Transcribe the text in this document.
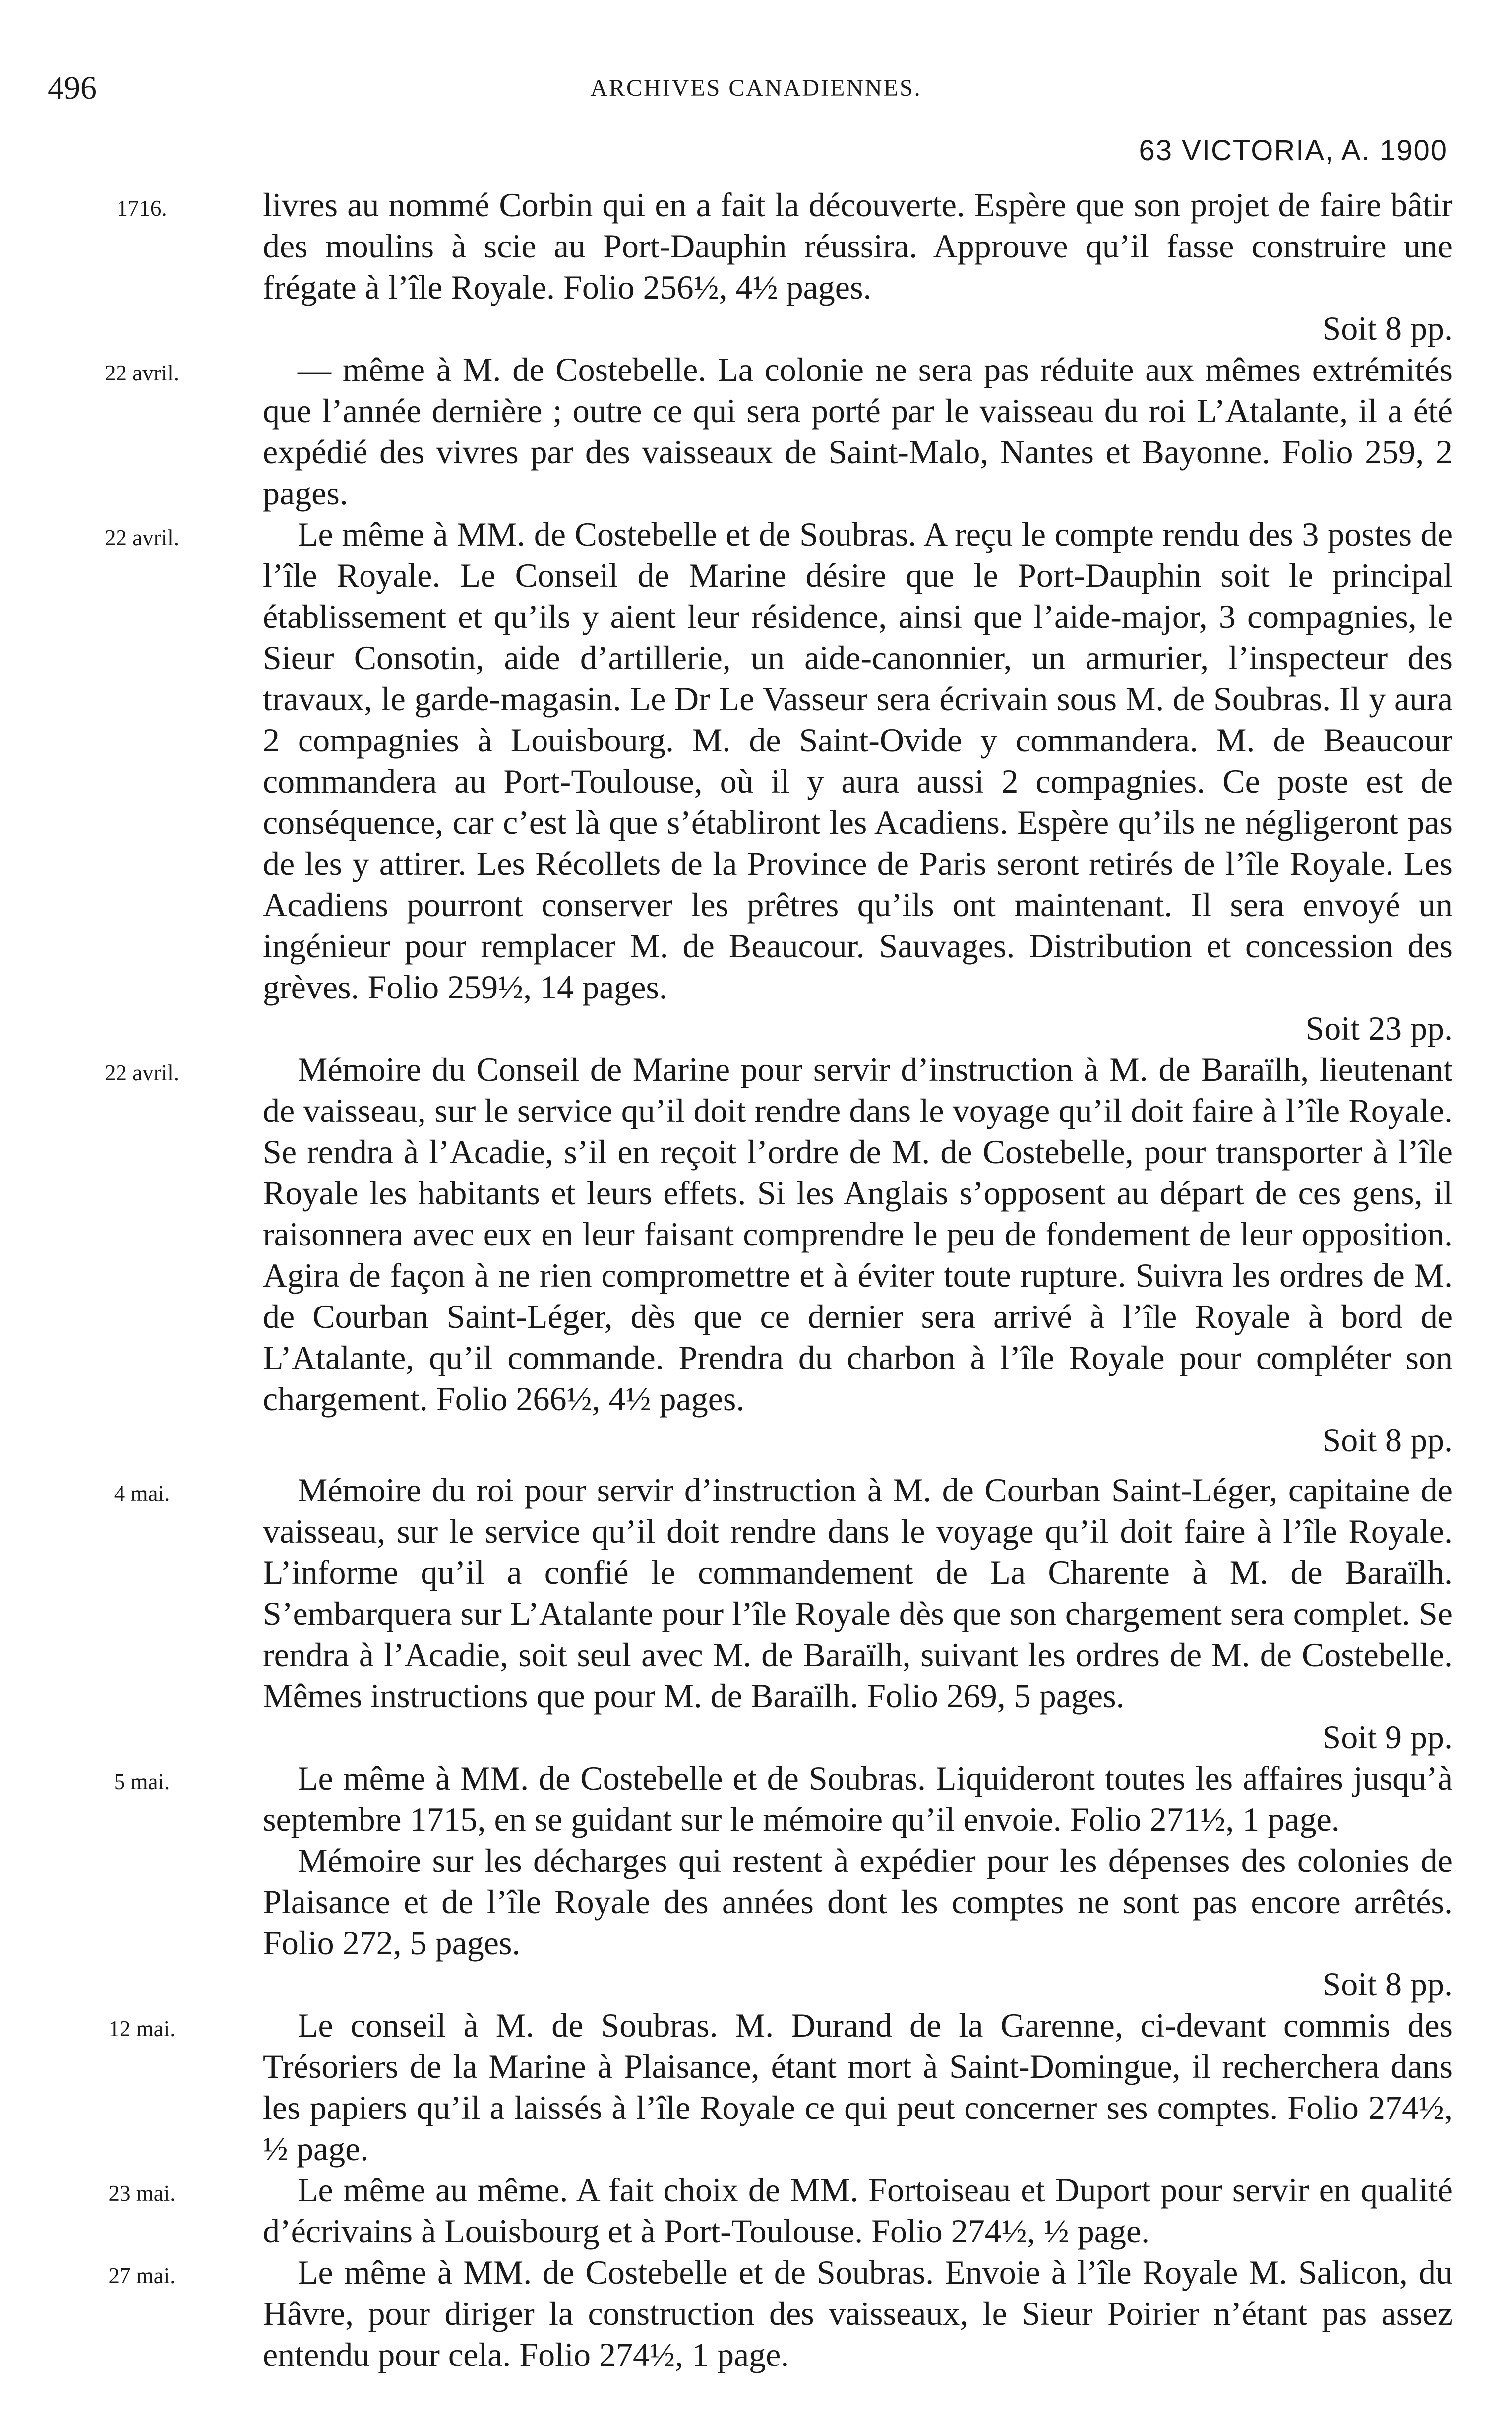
496	ARCHIVES CANADIENNES.
63 VICTORIA, A. 1900
1716.	livres au nommé Corbin qui en a fait la découverte. Espère que son projet de faire bâtir des moulins à scie au Port-Dauphin réussira. Approuve qu’il fasse construire une frégate à l’île Royale. Folio 256½, 4½ pages.
Soit 8 pp.
22 avril.	— même à M. de Costebelle. La colonie ne sera pas réduite aux mêmes extrémités que l’année dernière ; outre ce qui sera porté par le vaisseau du roi L’Atalante, il a été expédié des vivres par des vaisseaux de Saint-Malo, Nantes et Bayonne. Folio 259, 2 pages.
22 avril.	Le même à MM. de Costebelle et de Soubras. A reçu le compte rendu des 3 postes de l’île Royale. Le Conseil de Marine désire que le Port-Dauphin soit le principal établissement et qu’ils y aient leur résidence, ainsi que l’aide-major, 3 compagnies, le Sieur Consotin, aide d’artillerie, un aide-canonnier, un armurier, l’inspecteur des travaux, le garde-magasin. Le Dr Le Vasseur sera écrivain sous M. de Soubras. Il y aura 2 compagnies à Louisbourg. M. de Saint-Ovide y commandera. M. de Beaucour commandera au Port-Toulouse, où il y aura aussi 2 compagnies. Ce poste est de conséquence, car c’est là que s’établiront les Acadiens. Espère qu’ils ne négligeront pas de les y attirer. Les Récollets de la Province de Paris seront retirés de l’île Royale. Les Acadiens pourront conserver les prêtres qu’ils ont maintenant. Il sera envoyé un ingénieur pour remplacer M. de Beaucour. Sauvages. Distribution et concession des grèves. Folio 259½, 14 pages.
Soit 23 pp.
22 avril.	Mémoire du Conseil de Marine pour servir d’instruction à M. de Baraïlh, lieutenant de vaisseau, sur le service qu’il doit rendre dans le voyage qu’il doit faire à l’île Royale. Se rendra à l’Acadie, s’il en reçoit l’ordre de M. de Costebelle, pour transporter à l’île Royale les habitants et leurs effets. Si les Anglais s’opposent au départ de ces gens, il raisonnera avec eux en leur faisant comprendre le peu de fondement de leur opposition. Agira de façon à ne rien compromettre et à éviter toute rupture. Suivra les ordres de M. de Courban Saint-Léger, dès que ce dernier sera arrivé à l’île Royale à bord de L’Atalante, qu’il commande. Prendra du charbon à l’île Royale pour compléter son chargement. Folio 266½, 4½ pages.
Soit 8 pp.
4 mai.	Mémoire du roi pour servir d’instruction à M. de Courban Saint-Léger, capitaine de vaisseau, sur le service qu’il doit rendre dans le voyage qu’il doit faire à l’île Royale. L’informe qu’il a confié le commandement de La Charente à M. de Baraïlh. S’embarquera sur L’Atalante pour l’île Royale dès que son chargement sera complet. Se rendra à l’Acadie, soit seul avec M. de Baraïlh, suivant les ordres de M. de Costebelle. Mêmes instructions que pour M. de Baraïlh. Folio 269, 5 pages.
Soit 9 pp.
5 mai.	Le même à MM. de Costebelle et de Soubras. Liquideront toutes les affaires jusqu’à septembre 1715, en se guidant sur le mémoire qu’il envoie. Folio 271½, 1 page.
Mémoire sur les décharges qui restent à expédier pour les dépenses des colonies de Plaisance et de l’île Royale des années dont les comptes ne sont pas encore arrêtés. Folio 272, 5 pages.
Soit 8 pp.
12 mai.	Le conseil à M. de Soubras. M. Durand de la Garenne, ci-devant commis des Trésoriers de la Marine à Plaisance, étant mort à Saint-Domingue, il recherchera dans les papiers qu’il a laissés à l’île Royale ce qui peut concerner ses comptes. Folio 274½, ½ page.
23 mai.	Le même au même. A fait choix de MM. Fortoiseau et Duport pour servir en qualité d’écrivains à Louisbourg et à Port-Toulouse. Folio 274½, ½ page.
27 mai.	Le même à MM. de Costebelle et de Soubras. Envoie à l’île Royale M. Salicon, du Hâvre, pour diriger la construction des vaisseaux, le Sieur Poirier n’étant pas assez entendu pour cela. Folio 274½, 1 page.
